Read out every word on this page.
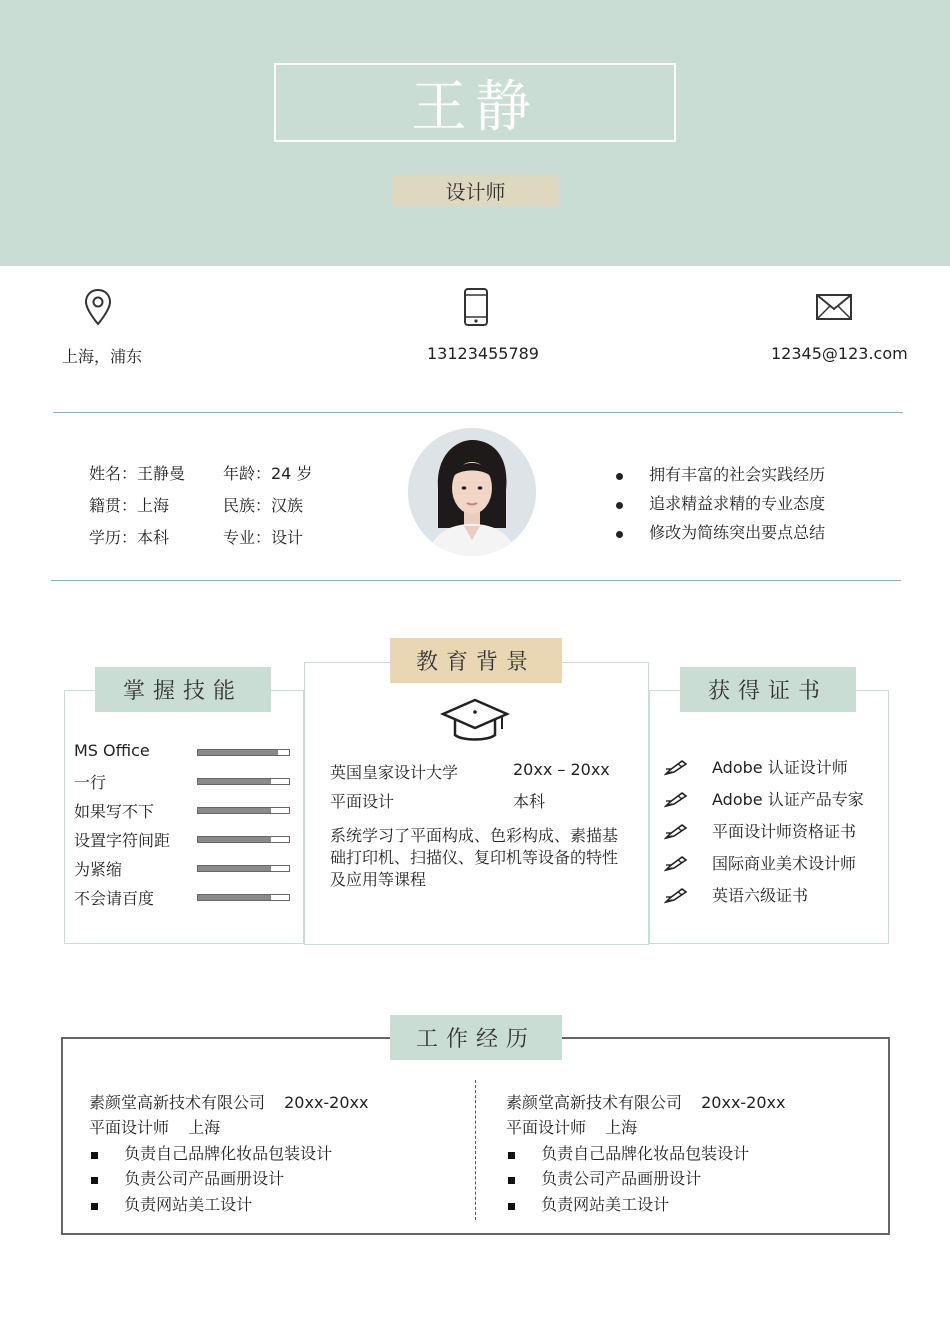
王静
设计师
上海，浦东	13123455789	12345@123.com
姓名：王静曼 年龄：24 岁
籍贯：上海	民族：汉族
学历：本科	专业：设计
拥有丰富的社会实践经历
追求精益求精的专业态度
修改为简练突出要点总结
掌握技能
MS Office
一行
如果写不下
设置字符间距
为紧缩
不会请百度
教育背景
英国皇家设计大学	20xx – 20xx
平面设计	本科
系统学习了平面构成、色彩构成、素描基础打印机、扫描仪、复印机等设备的特性及应用等课程
获得证书
Adobe 认证设计师
Adobe 认证产品专家
平面设计师资格证书
国际商业美术设计师
英语六级证书
工作经历
素颜堂高新技术有限公司 20xx-20xx
平面设计师 上海
负责自己品牌化妆品包装设计
负责公司产品画册设计
负责网站美工设计
素颜堂高新技术有限公司 20xx-20xx
平面设计师 上海
负责自己品牌化妆品包装设计
负责公司产品画册设计
负责网站美工设计
